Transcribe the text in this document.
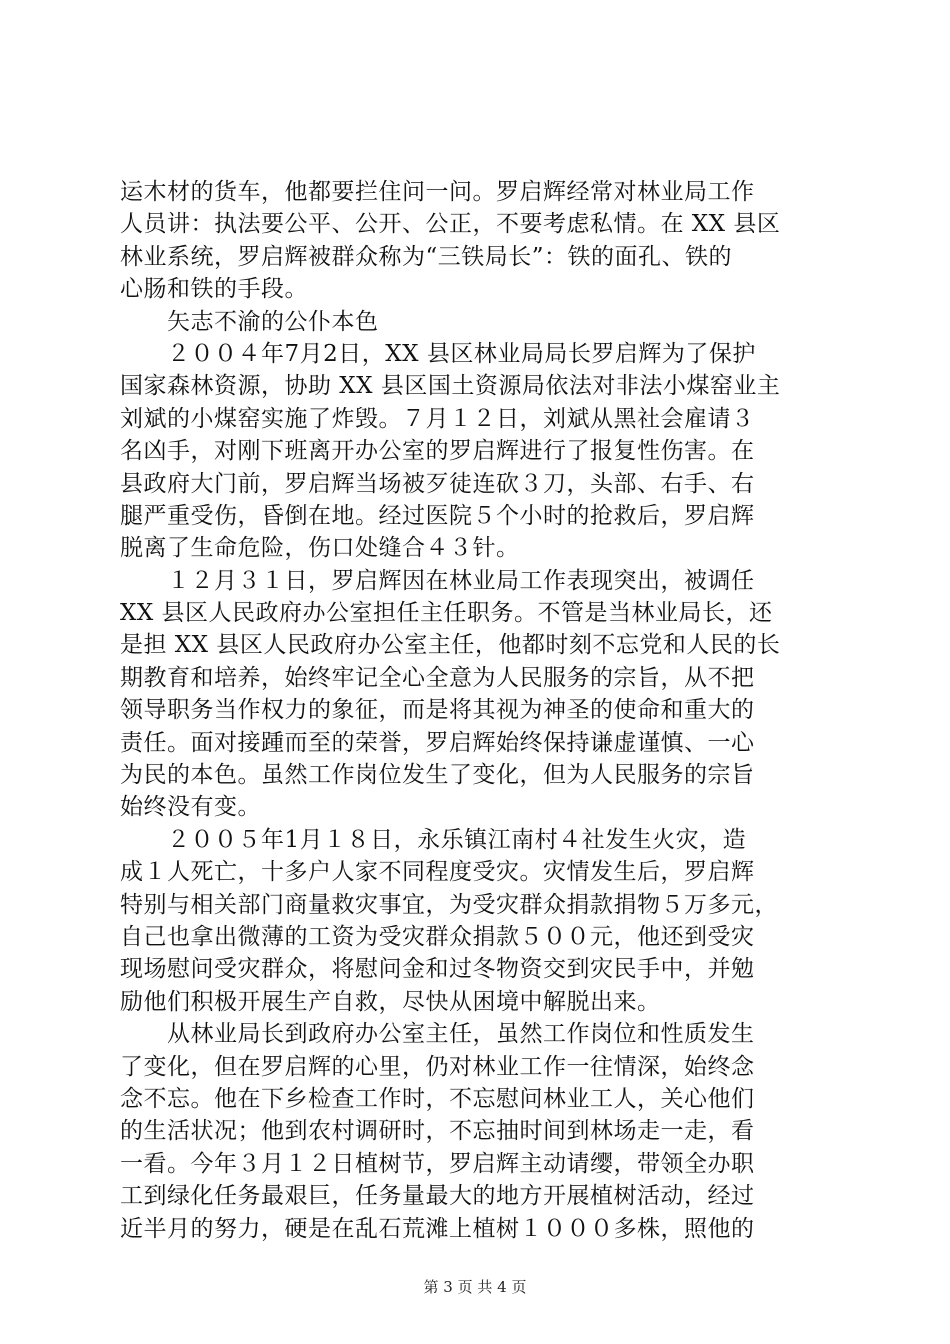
运木材的货车，他都要拦住问一问。罗启辉经常对林业局工作
人员讲：执法要公平、公开、公正，不要考虑私情。在 XX 县区
林业系统，罗启辉被群众称为“三铁局长”：铁的面孔、铁的
心肠和铁的手段。
　　矢志不渝的公仆本色
　　２００４年7月2日，XX 县区林业局局长罗启辉为了保护
国家森林资源，协助 XX 县区国土资源局依法对非法小煤窑业主
刘斌的小煤窑实施了炸毁。７月１２日，刘斌从黑社会雇请３
名凶手，对刚下班离开办公室的罗启辉进行了报复性伤害。在
县政府大门前，罗启辉当场被歹徒连砍３刀，头部、右手、右
腿严重受伤，昏倒在地。经过医院５个小时的抢救后，罗启辉
脱离了生命危险，伤口处缝合４３针。
　　１２月３１日，罗启辉因在林业局工作表现突出，被调任
XX 县区人民政府办公室担任主任职务。不管是当林业局长，还
是担 XX 县区人民政府办公室主任，他都时刻不忘党和人民的长
期教育和培养，始终牢记全心全意为人民服务的宗旨，从不把
领导职务当作权力的象征，而是将其视为神圣的使命和重大的
责任。面对接踵而至的荣誉，罗启辉始终保持谦虚谨慎、一心
为民的本色。虽然工作岗位发生了变化，但为人民服务的宗旨
始终没有变。
　　２００５年1月１８日，永乐镇江南村４社发生火灾，造
成１人死亡，十多户人家不同程度受灾。灾情发生后，罗启辉
特别与相关部门商量救灾事宜，为受灾群众捐款捐物５万多元，
自己也拿出微薄的工资为受灾群众捐款５００元，他还到受灾
现场慰问受灾群众，将慰问金和过冬物资交到灾民手中，并勉
励他们积极开展生产自救，尽快从困境中解脱出来。
　　从林业局长到政府办公室主任，虽然工作岗位和性质发生
了变化，但在罗启辉的心里，仍对林业工作一往情深，始终念
念不忘。他在下乡检查工作时，不忘慰问林业工人，关心他们
的生活状况；他到农村调研时，不忘抽时间到林场走一走，看
一看。今年３月１２日植树节，罗启辉主动请缨，带领全办职
工到绿化任务最艰巨，任务量最大的地方开展植树活动，经过
近半月的努力，硬是在乱石荒滩上植树１０００多株，照他的
第 3 页 共 4 页
